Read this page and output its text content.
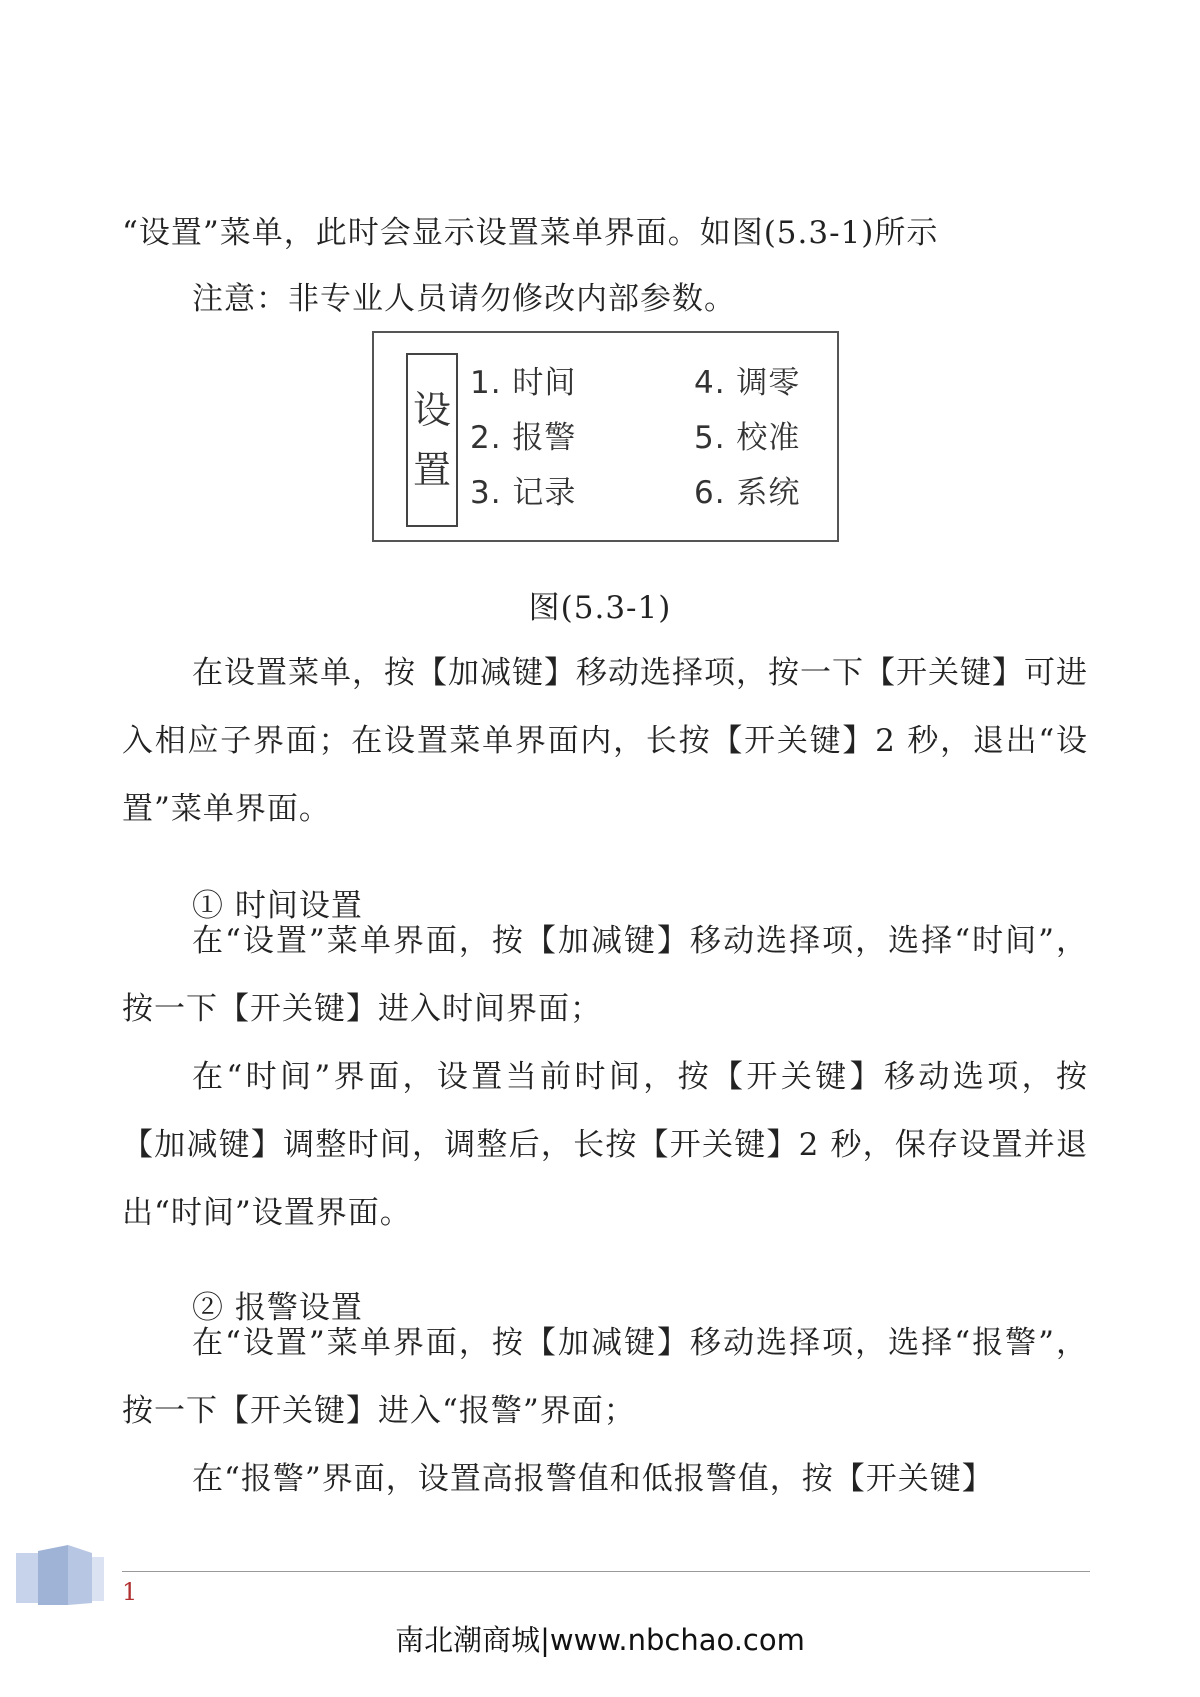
“设置”菜单，此时会显示设置菜单界面。如图(5.3-1)所示

注意：非专业人员请勿修改内部参数。

设
置
1. 时间
2. 报警
3. 记录
4. 调零
5. 校准
6. 系统
图(5.3-1)

在设置菜单，按【加减键】移动选择项，按一下【开关键】可进入相应子界面；在设置菜单界面内，长按【开关键】2 秒，退出“设置”菜单界面。

① 时间设置

在“设置”菜单界面，按【加减键】移动选择项，选择“时间”，按一下【开关键】进入时间界面；

在“时间”界面，设置当前时间，按【开关键】移动选项，按【加减键】调整时间，调整后，长按【开关键】2 秒，保存设置并退出“时间”设置界面。

② 报警设置

在“设置”菜单界面，按【加减键】移动选择项，选择“报警”，按一下【开关键】进入“报警”界面；

在“报警”界面，设置高报警值和低报警值，按【开关键】

1
南北潮商城|www.nbchao.com
